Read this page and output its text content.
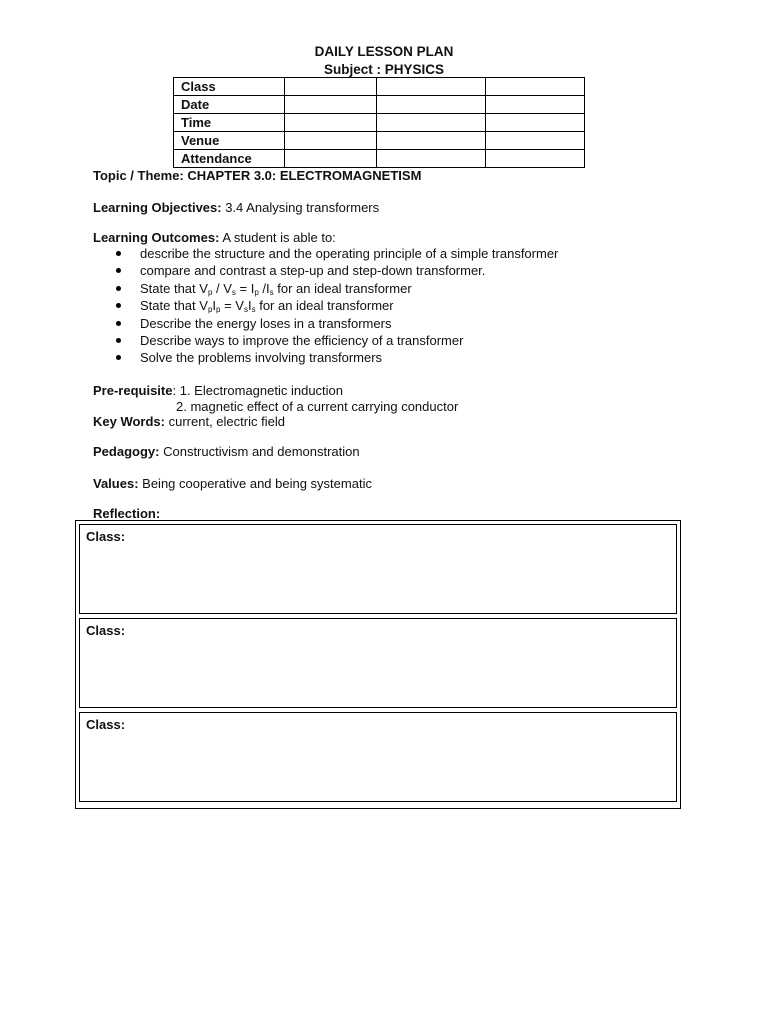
DAILY LESSON PLAN
Subject : PHYSICS
Class			
Date			
Time			
Venue			
Attendance			
Topic / Theme: CHAPTER 3.0: ELECTROMAGNETISM
Learning Objectives: 3.4 Analysing transformers
Learning Outcomes: A student is able to:
describe the structure and the operating principle of a simple transformer
compare and contrast a step-up and step-down transformer.
State that $V_p / V_s = I_p$ $/I_s$ for an ideal transformer
State that $V_pI_p = V_sI_s$ for an ideal transformer
Describe the energy loses in a transformers
Describe ways to improve the efficiency of a transformer
Solve the problems involving transformers
Pre-requisite: 1. Electromagnetic induction
2. magnetic effect of a current carrying conductor
Key Words: current, electric field
Pedagogy: Constructivism and demonstration
Values: Being cooperative and being systematic
Reflection:
Class:
Class:
Class:
